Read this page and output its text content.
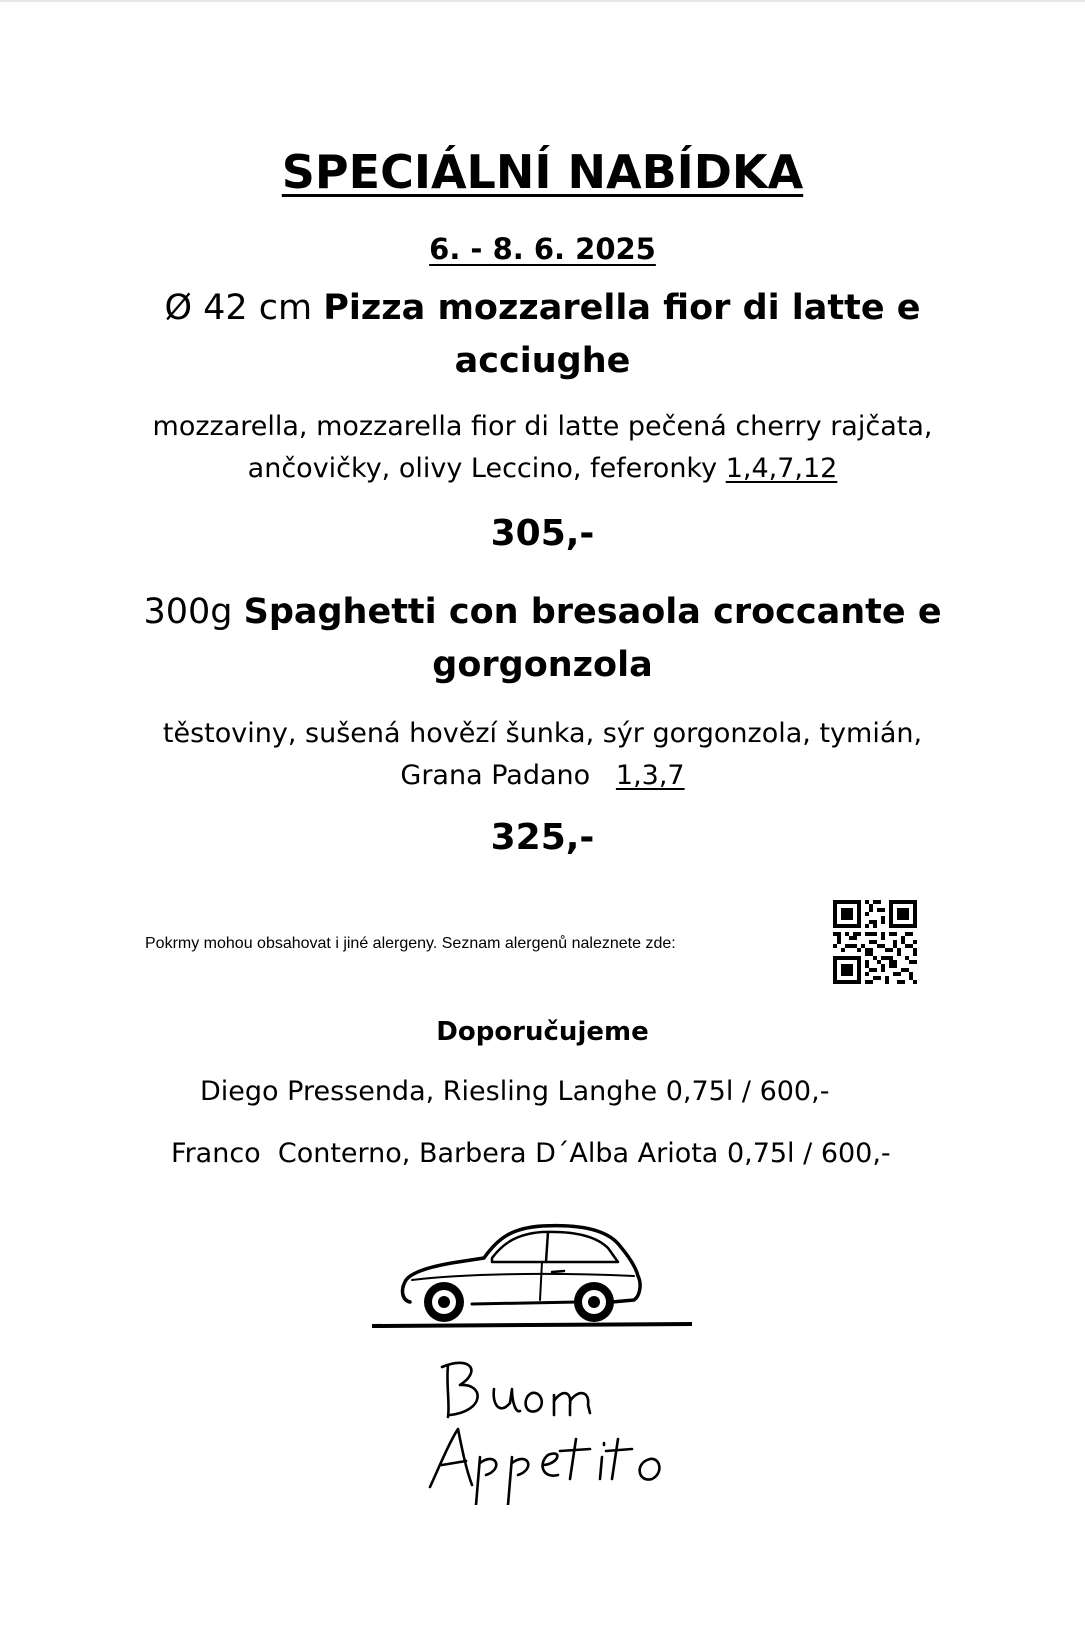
SPECIÁLNÍ NABÍDKA
6. - 8. 6. 2025
Ø 42 cm Pizza mozzarella fior di latte e
acciughe
mozzarella, mozzarella fior di latte pečená cherry rajčata,
ančovičky, olivy Leccino, feferonky 1,4,7,12
305,-
300g Spaghetti con bresaola croccante e
gorgonzola
těstoviny, sušená hovězí šunka, sýr gorgonzola, tymián,
Grana Padano 1,3,7
325,-
Pokrmy mohou obsahovat i jiné alergeny. Seznam alergenů naleznete zde:
Doporučujeme
Diego Pressenda, Riesling Langhe 0,75l / 600,-
Franco  Conterno, Barbera D´Alba Ariota 0,75l / 600,-
